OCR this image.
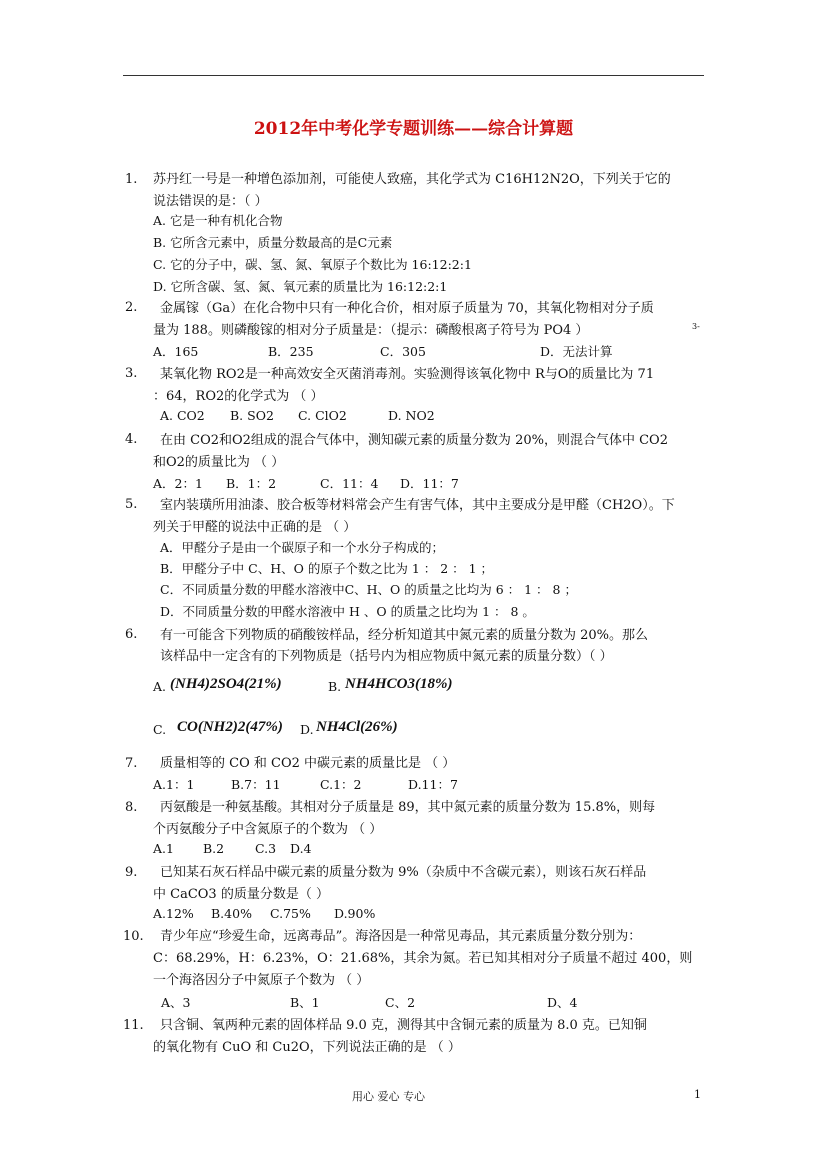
2012年中考化学专题训练——综合计算题
1. 苏丹红一号是一种增色添加剂，可能使人致癌，其化学式为 C16H12N2O，下列关于它的
说法错误的是：（ ）
A. 它是一种有机化合物
B. 它所含元素中，质量分数最高的是C元素
C. 它的分子中，碳、氢、氮、氧原子个数比为 16:12:2:1
D. 它所含碳、氢、氮、氧元素的质量比为 16:12:2:1
2. 金属镓（Ga）在化合物中只有一种化合价，相对原子质量为 70，其氧化物相对分子质
量为 188。则磷酸镓的相对分子质量是：（提示：磷酸根离子符号为 PO4 ）	3-
A．165	B．235	C．305	D．无法计算
3. 某氧化物 RO2是一种高效安全灭菌消毒剂。实验测得该氧化物中 R与O的质量比为 71
：64，RO2的化学式为 （ ）
A. CO2 B. SO2 C. ClO2	D. NO2
4. 在由 CO2和O2组成的混合气体中，测知碳元素的质量分数为 20%，则混合气体中 CO2
和O2的质量比为 （ ）
A．2：1 B．1：2	C．11：4 D．11：7
5. 室内装璜所用油漆、胶合板等材料常会产生有害气体，其中主要成分是甲醛（CH2O）。下
列关于甲醛的说法中正确的是 （ ）
A．甲醛分子是由一个碳原子和一个水分子构成的；
B．甲醛分子中 C、H、O 的原子个数之比为 1 ： 2 ： 1 ；
C．不同质量分数的甲醛水溶液中C、H、O 的质量之比均为 6 ： 1 ： 8 ；
D．不同质量分数的甲醛水溶液中 H 、O 的质量之比均为 1 ： 8 。
6. 有一可能含下列物质的硝酸铵样品，经分析知道其中氮元素的质量分数为 20%。那么
该样品中一定含有的下列物质是（括号内为相应物质中氮元素的质量分数）（ ）
A. (NH4)2SO4(21%)	B. NH4HCO3(18%)
C. CO(NH2)2(47%) D. NH4Cl(26%)
7. 质量相等的 CO 和 CO2 中碳元素的质量比是 （ ）
A.1：1	B.7：11	C.1：2	D.11：7
8. 丙氨酸是一种氨基酸。其相对分子质量是 89，其中氮元素的质量分数为 15.8%，则每
个丙氨酸分子中含氮原子的个数为 （ ）
A.1 B.2 C.3 D.4
9. 已知某石灰石样品中碳元素的质量分数为 9%（杂质中不含碳元素），则该石灰石样品
中 CaCO3 的质量分数是（ ）
A.12% B.40% C.75% D.90%
10. 青少年应“珍爱生命，远离毒品”。海洛因是一种常见毒品，其元素质量分数分别为：
C：68.29%，H：6.23%，O：21.68%，其余为氮。若已知其相对分子质量不超过 400，则
一个海洛因分子中氮原子个数为 （ ）
A、3	B、1	C、2	D、4
11. 只含铜、氧两种元素的固体样品 9.0 克，测得其中含铜元素的质量为 8.0 克。已知铜
的氧化物有 CuO 和 Cu2O，下列说法正确的是 （ ）
用心 爱心 专心	1
